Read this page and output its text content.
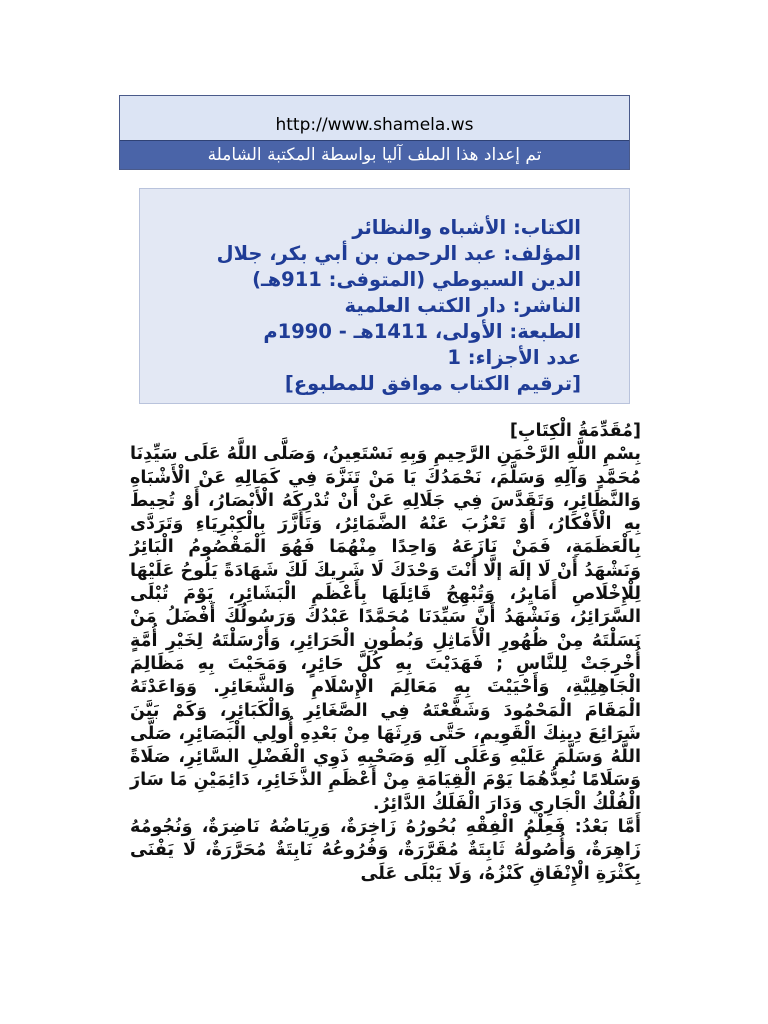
http://www.shamela.ws
تم إعداد هذا الملف آليا بواسطة المكتبة الشاملة
الكتاب: الأشباه والنظائر
المؤلف: عبد الرحمن بن أبي بكر، جلال الدين السيوطي (المتوفى: 911هـ)
الناشر: دار الكتب العلمية
الطبعة: الأولى، 1411هـ - 1990م
عدد الأجزاء: 1
[ترقيم الكتاب موافق للمطبوع]

[مُقَدِّمَةُ الْكِتَابِ]

بِسْمِ اللَّهِ الرَّحْمَنِ الرَّحِيمِ وَبِهِ نَسْتَعِينُ، وَصَلَّى اللَّهُ عَلَى سَيِّدِنَا مُحَمَّدٍ وَآلِهِ وَسَلَّمَ، نَحْمَدُكَ يَا مَنْ تَنَزَّهَ فِي كَمَالِهِ عَنْ الْأَشْبَاهِ وَالنَّظَائِرِ، وَتَقَدَّسَ فِي جَلَالِهِ عَنْ أَنْ تُدْرِكَهُ الْأَبْصَارُ، أَوْ تُحِيطَ بِهِ الْأَفْكَارُ، أَوْ تَعْزُبَ عَنْهُ الضَّمَائِرُ، وَتَأَزَّرَ بِالْكِبْرِيَاءِ وَتَرَدَّى بِالْعَظَمَةِ، فَمَنْ نَازَعَهُ وَاحِدًا مِنْهُمَا فَهُوَ الْمَقْصُومُ الْبَائِرُ وَنَشْهَدُ أَنْ لَا إلَهَ إلَّا أَنْتَ وَحْدَكَ لَا شَرِيكَ لَكَ شَهَادَةً يَلُوحُ عَلَيْهَا لِلْإِخْلَاصِ أَمَايِرُ، وَتُبْهِجُ قَائِلَهَا بِأَعْظَمِ الْبَشَائِرِ، يَوْمَ تُبْلَى السَّرَائِرُ، وَنَشْهَدُ أَنَّ سَيِّدَنَا مُحَمَّدًا عَبْدُكَ وَرَسُولُكَ أَفْضَلُ مَنْ نَسَلْتَهُ مِنْ ظُهُورِ الْأَمَاثِلِ وَبُطُونِ الْحَرَائِرِ، وَأَرْسَلْتَهُ لِخَيْرِ أُمَّةٍ أُخْرِجَتْ لِلنَّاسِ ; فَهَدَيْتَ بِهِ كُلَّ حَائِرٍ، وَمَحَيْتَ بِهِ مَظَالِمَ الْجَاهِلِيَّةِ، وَأَحْيَيْتَ بِهِ مَعَالِمَ الْإِسْلَامِ وَالشَّعَائِرِ. وَوَاعَدْتَهُ الْمَقَامَ الْمَحْمُودَ وَشَفَّعْتَهُ فِي الصَّغَائِرِ وَالْكَبَائِرِ، وَكَمْ بَيَّنَ شَرَائِعَ دِينِكَ الْقَوِيمِ، حَتَّى وَرِثَهَا مِنْ بَعْدِهِ أُولِي الْبَصَائِرِ، صَلَّى اللَّهُ وَسَلَّمَ عَلَيْهِ وَعَلَى آلِهِ وَصَحْبِهِ ذَوِي الْفَضْلِ السَّائِرِ، صَلَاةً وَسَلَامًا نُعِدُّهُمَا يَوْمَ الْقِيَامَةِ مِنْ أَعْظَمِ الذَّخَائِرِ، دَائِمَيْنِ مَا سَارَ الْفُلْكُ الْجَارِي وَدَارَ الْفَلَكُ الدَّائِرُ.

أَمَّا بَعْدُ: فَعِلْمُ الْفِقْهِ بُحُورُهُ زَاخِرَةٌ، وَرِيَاضُهُ نَاضِرَةٌ، وَنُجُومُهُ زَاهِرَةٌ، وَأُصُولُهُ ثَابِتَةٌ مُقَرَّرَةٌ، وَفُرُوعُهُ نَابِتَةٌ مُحَرَّرَةٌ، لَا يَفْنَى بِكَثْرَةِ الْإِنْفَاقِ كَنْزُهُ، وَلَا يَبْلَى عَلَى
